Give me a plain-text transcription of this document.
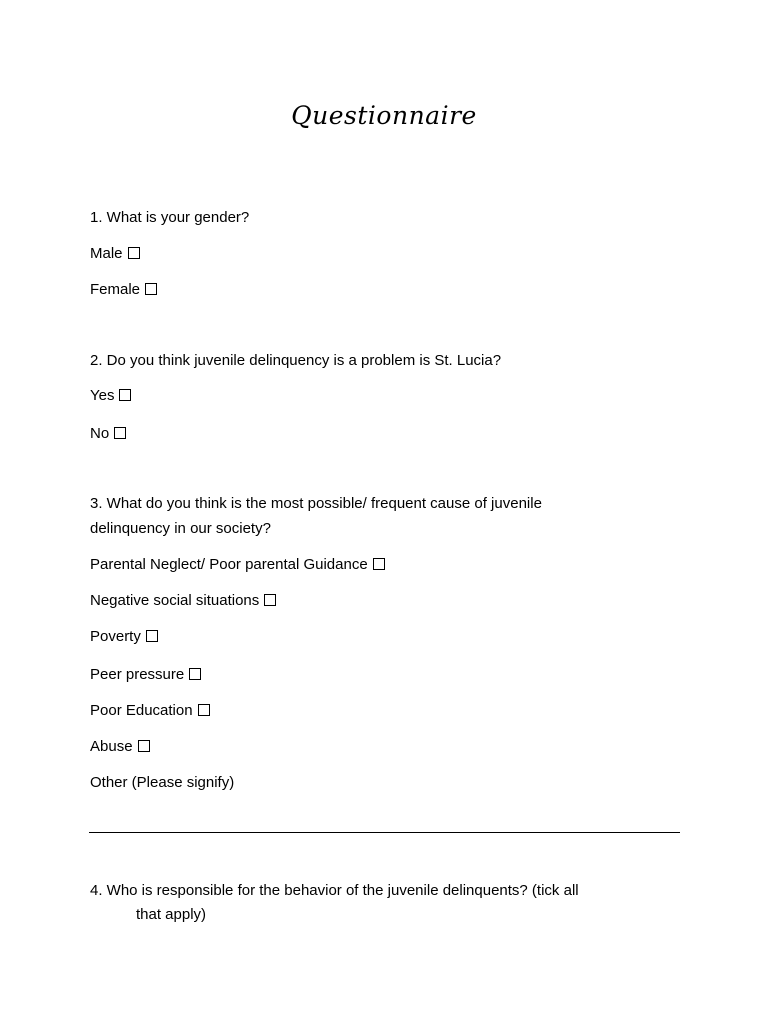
Questionnaire
1. What is your gender?
Male
Female
2. Do you think juvenile delinquency is a problem is St. Lucia?
Yes
No
3. What do you think is the most possible/ frequent cause of juvenile
delinquency in our society?
Parental Neglect/ Poor parental Guidance
Negative social situations
Poverty
Peer pressure
Poor Education
Abuse
Other (Please signify)
4. Who is responsible for the behavior of the juvenile delinquents? (tick all
that apply)
